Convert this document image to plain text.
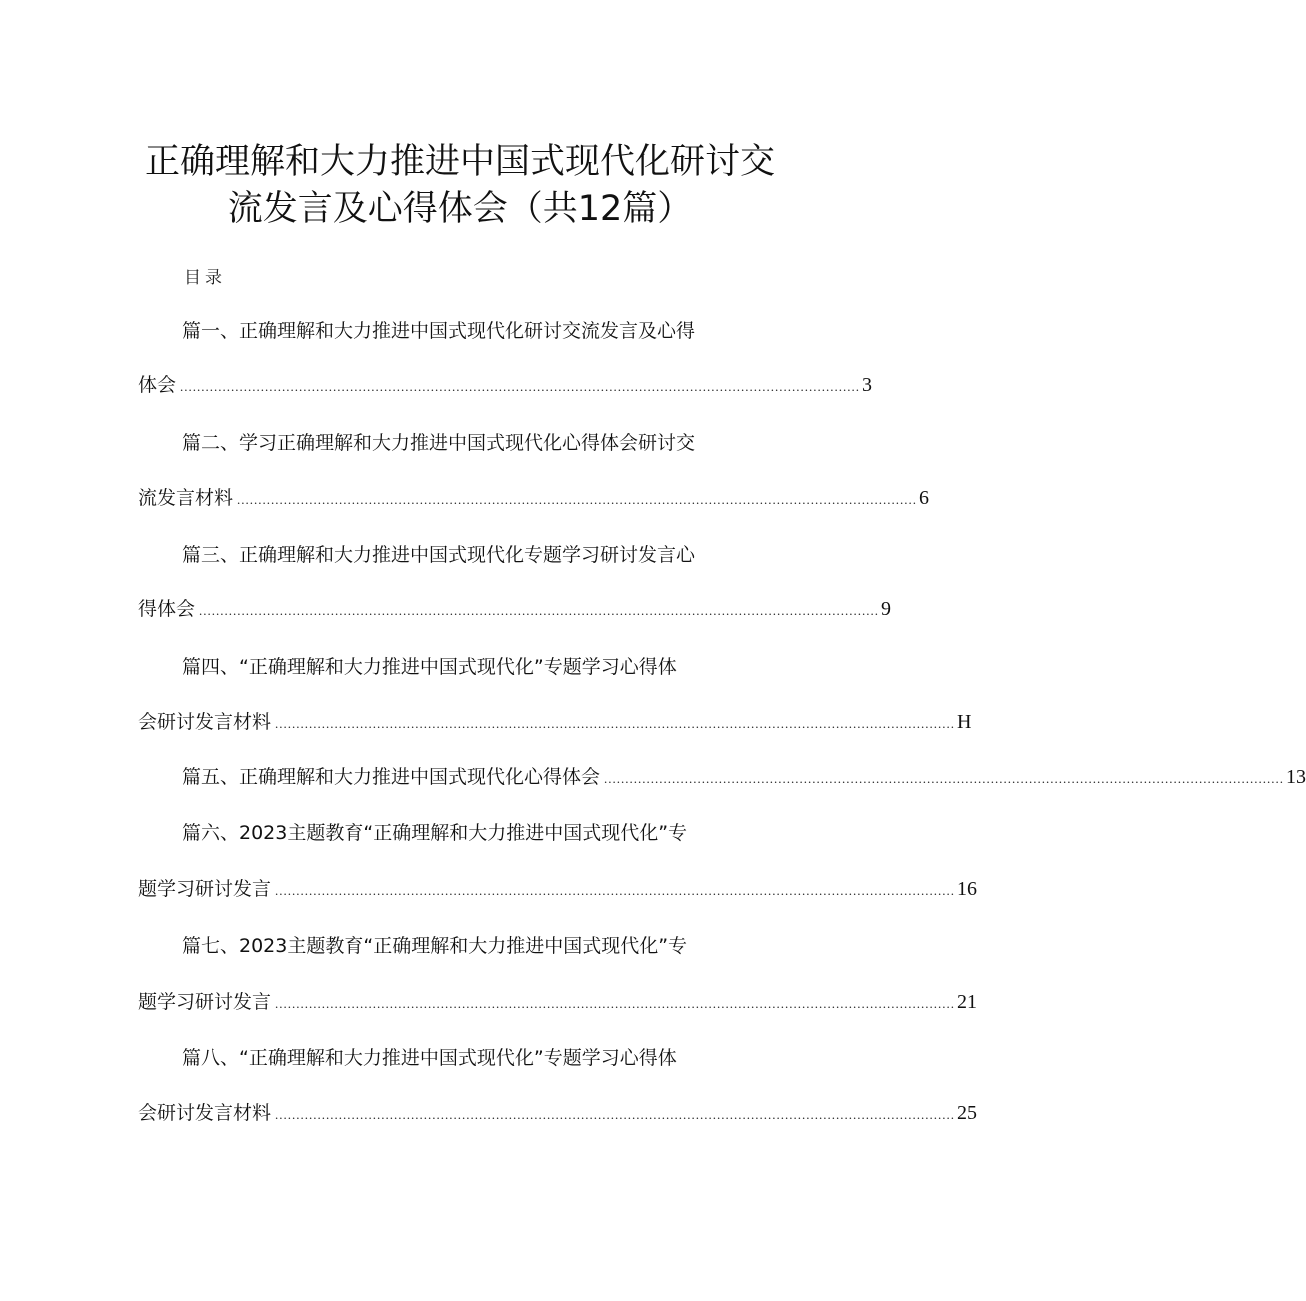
正确理解和大力推进中国式现代化研讨交
流发言及心得体会（共12篇）
目录
篇一、正确理解和大力推进中国式现代化研讨交流发言及心得
体会 ................................................................................................................................................................ 3
篇二、学习正确理解和大力推进中国式现代化心得体会研讨交
流发言材料 ................................................................................................................................................................ 6
篇三、正确理解和大力推进中国式现代化专题学习研讨发言心
得体会 ................................................................................................................................................................ 9
篇四、“正确理解和大力推进中国式现代化”专题学习心得体
会研讨发言材料 ................................................................................................................................................................ H
篇五、正确理解和大力推进中国式现代化心得体会 ................................................................................................................................................................ 13
篇六、2023主题教育“正确理解和大力推进中国式现代化”专
题学习研讨发言 ................................................................................................................................................................ 16
篇七、2023主题教育“正确理解和大力推进中国式现代化”专
题学习研讨发言 ................................................................................................................................................................ 21
篇八、“正确理解和大力推进中国式现代化”专题学习心得体
会研讨发言材料 ................................................................................................................................................................ 25
